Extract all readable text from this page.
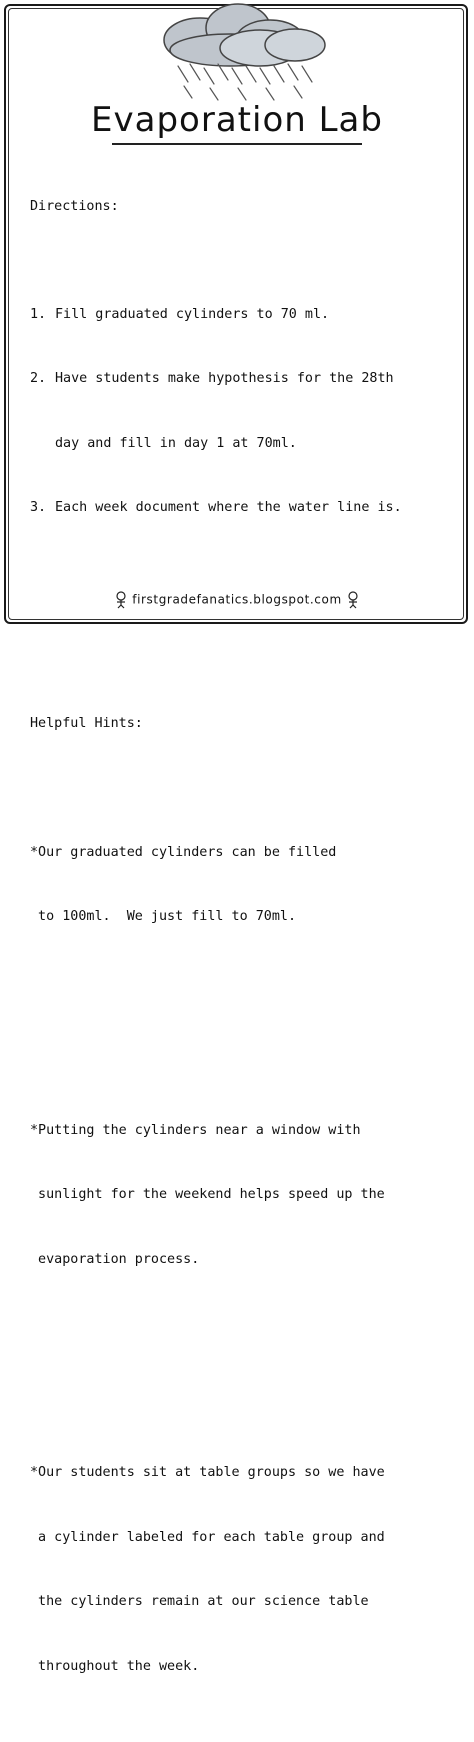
Evaporation Lab

Directions:

1. Fill graduated cylinders to 70 ml.

2. Have students make hypothesis for the 28th

day and fill in day 1 at 70ml.

3. Each week document where the water line is.

Helpful Hints:

*Our graduated cylinders can be filled

to 100ml.  We just fill to 70ml.

*Putting the cylinders near a window with

sunlight for the weekend helps speed up the

evaporation process.

*Our students sit at table groups so we have

a cylinder labeled for each table group and

the cylinders remain at our science table

throughout the week.

firstgradefanatics.blogspot.com
